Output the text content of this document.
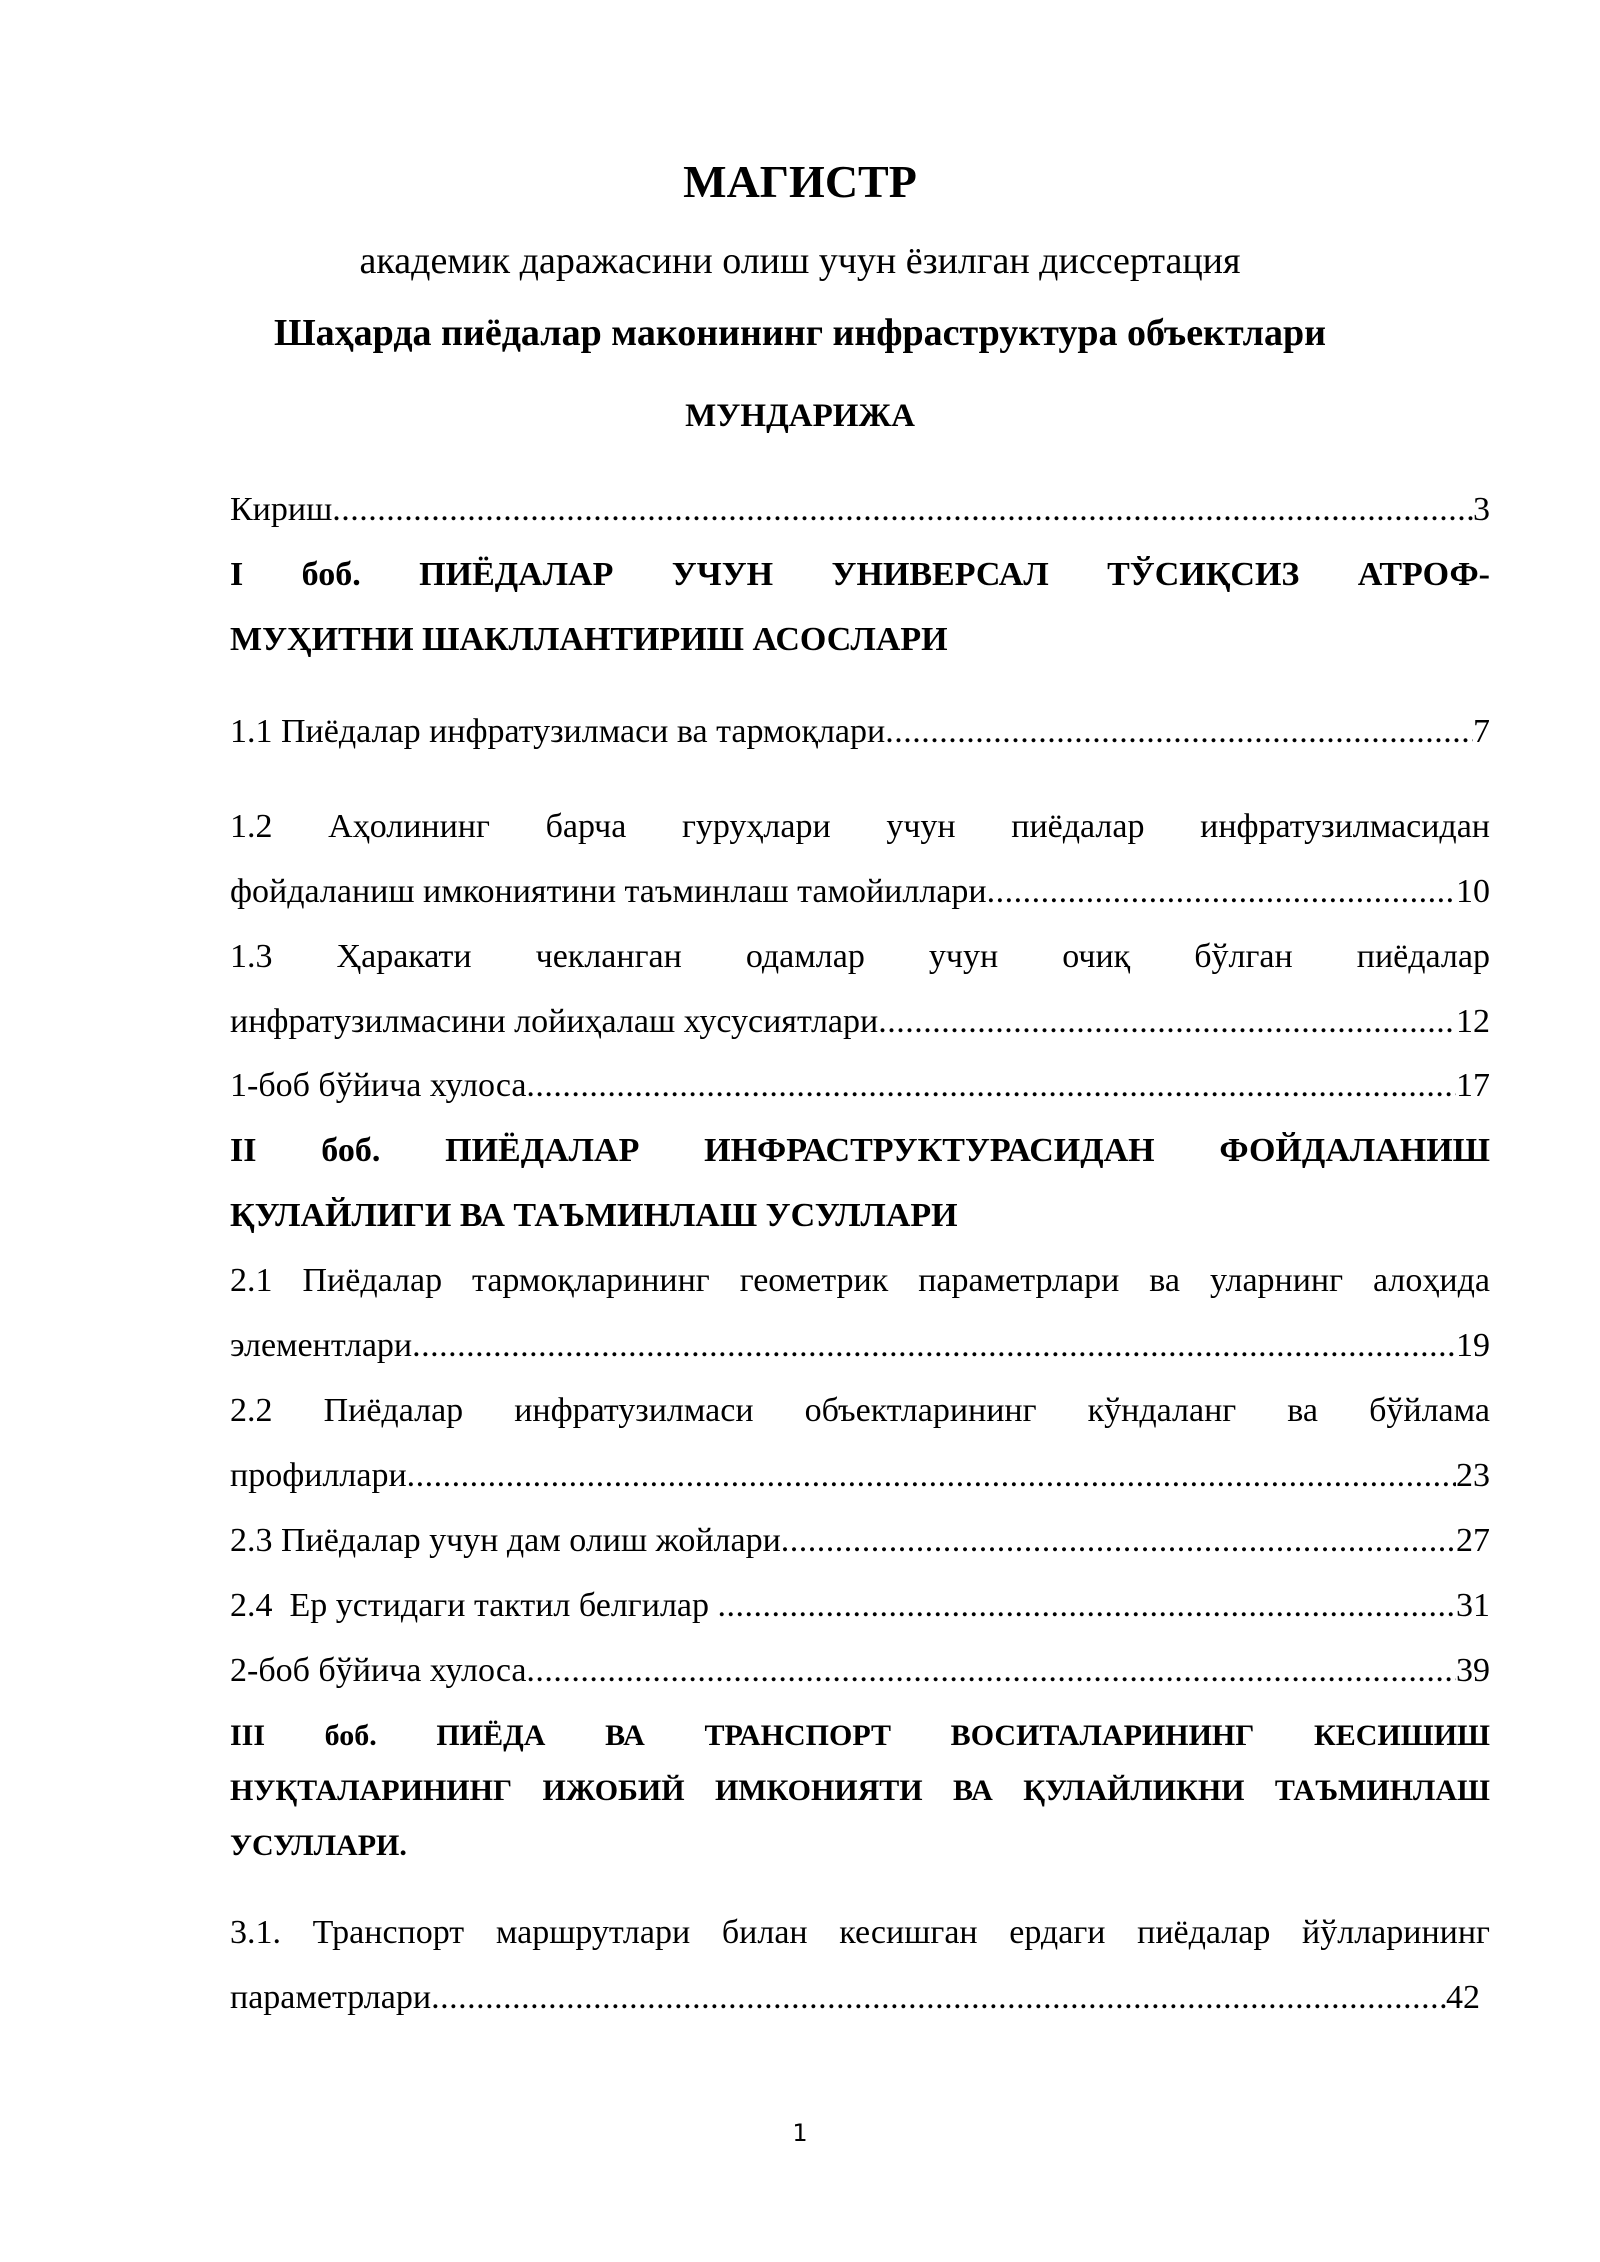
МАГИСТР
академик даражасини олиш учун ёзилган диссертация
Шаҳарда пиёдалар маконининг инфраструктура объектлари
МУНДАРИЖА
Кириш .....	3
I боб. ПИЁДАЛАР УЧУН УНИВЕРСАЛ ТЎСИҚСИЗ АТРОФ-
МУҲИТНИ ШАКЛЛАНТИРИШ АСОСЛАРИ
1.1 Пиёдалар инфратузилмаси ва тармоқлари .....	7
1.2 Аҳолининг барча гуруҳлари учун пиёдалар инфратузилмасидан
фойдаланиш имкониятини таъминлаш тамойиллари .....	10
1.3 Ҳаракати чекланган одамлар учун очиқ бўлган пиёдалар
инфратузилмасини лойиҳалаш хусусиятлари .....	12
1-боб бўйича хулоса .....	17
II боб. ПИЁДАЛАР ИНФРАСТРУКТУРАСИДАН ФОЙДАЛАНИШ
ҚУЛАЙЛИГИ ВА ТАЪМИНЛАШ УСУЛЛАРИ
2.1 Пиёдалар тармоқларининг геометрик параметрлари ва уларнинг алоҳида
элементлари .....	19
2.2 Пиёдалар инфратузилмаси объектларининг кўндаланг ва бўйлама
профиллари .....	23
2.3 Пиёдалар учун дам олиш жойлари .....	27
2.4  Ер устидаги тактил белгилар .....	31
2-боб бўйича хулоса .....	39
III боб. ПИЁДА ВА ТРАНСПОРТ ВОСИТАЛАРИНИНГ КЕСИШИШ
НУҚТАЛАРИНИНГ ИЖОБИЙ ИМКОНИЯТИ ВА ҚУЛАЙЛИКНИ ТАЪМИНЛАШ
УСУЛЛАРИ.
3.1. Транспорт маршрутлари билан кесишган ердаги пиёдалар йўлларининг
параметрлари .....	42
1
